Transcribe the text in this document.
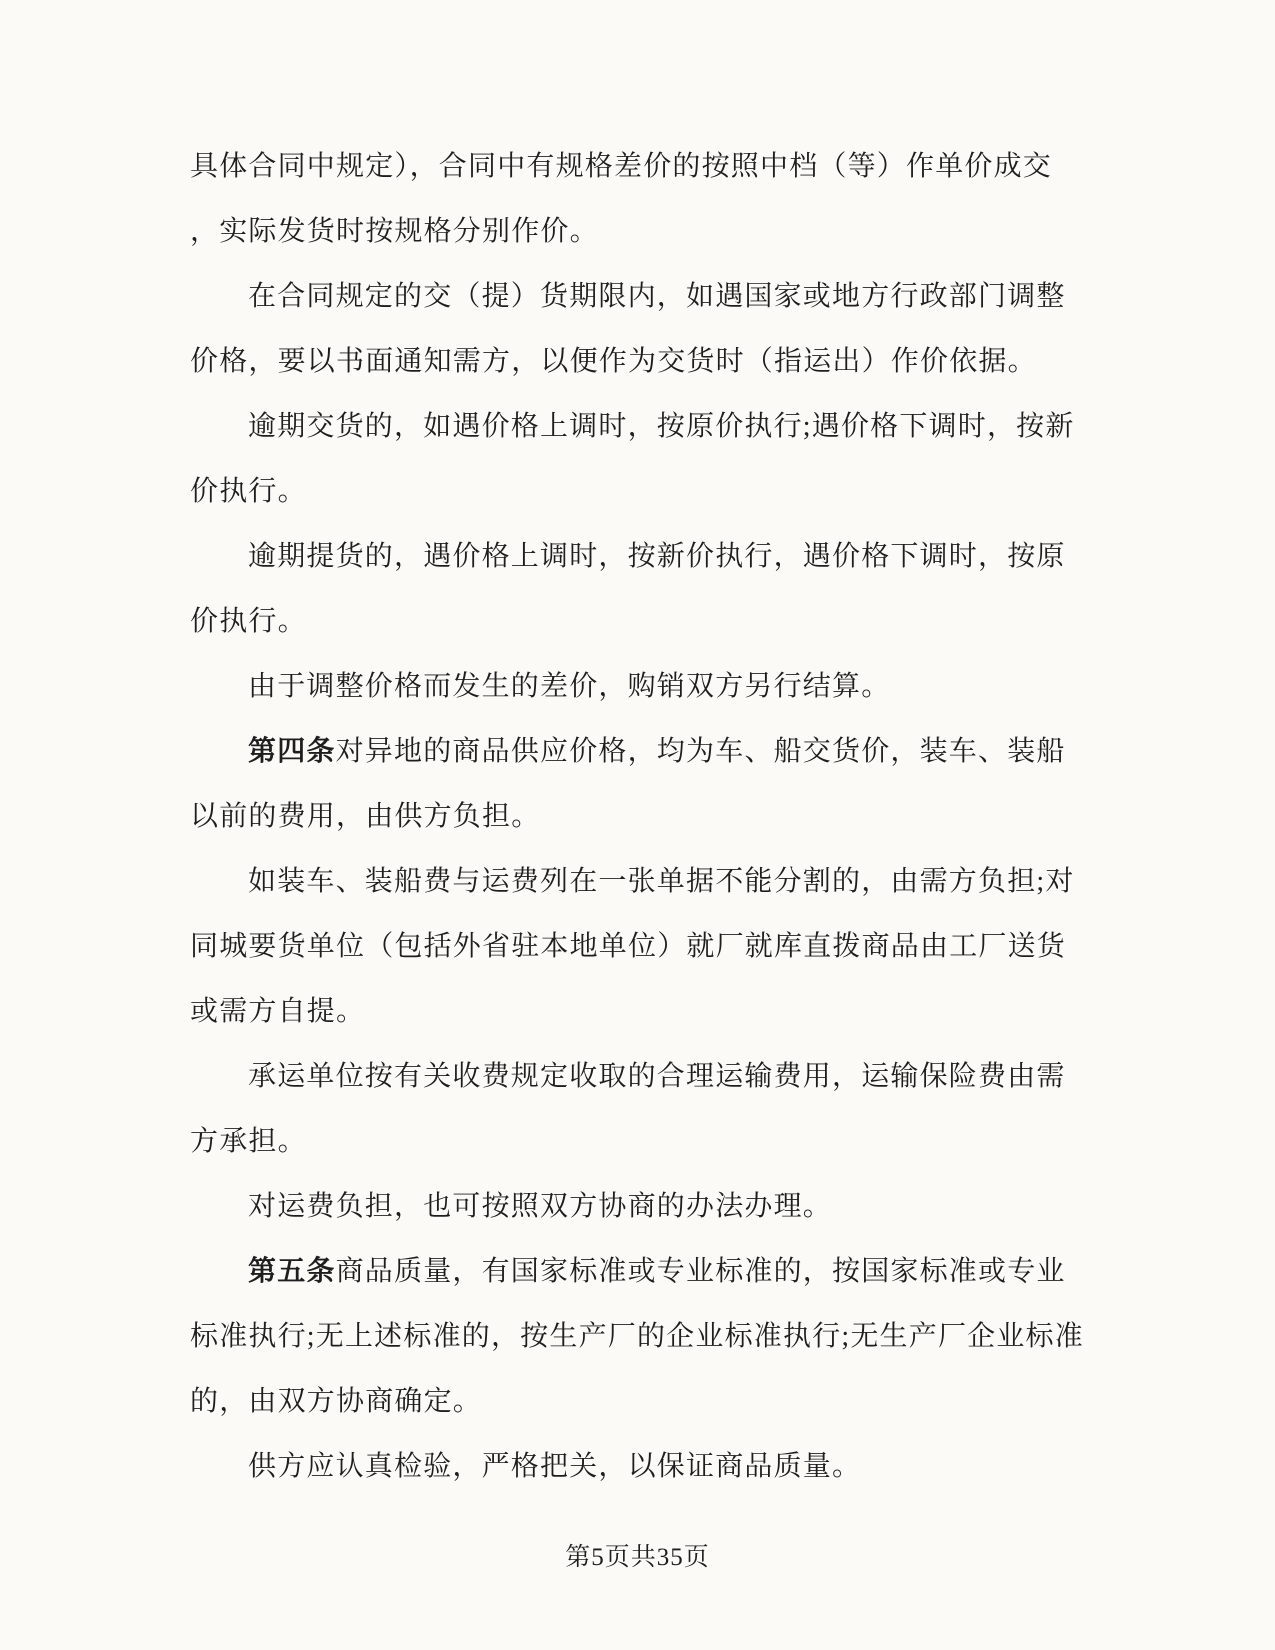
具体合同中规定），合同中有规格差价的按照中档（等）作单价成交
，实际发货时按规格分别作价。
在合同规定的交（提）货期限内，如遇国家或地方行政部门调整
价格，要以书面通知需方，以便作为交货时（指运出）作价依据。
逾期交货的，如遇价格上调时，按原价执行;遇价格下调时，按新
价执行。
逾期提货的，遇价格上调时，按新价执行，遇价格下调时，按原
价执行。
由于调整价格而发生的差价，购销双方另行结算。
第四条对异地的商品供应价格，均为车、船交货价，装车、装船
以前的费用，由供方负担。
如装车、装船费与运费列在一张单据不能分割的，由需方负担;对
同城要货单位（包括外省驻本地单位）就厂就库直拨商品由工厂送货
或需方自提。
承运单位按有关收费规定收取的合理运输费用，运输保险费由需
方承担。
对运费负担，也可按照双方协商的办法办理。
第五条商品质量，有国家标准或专业标准的，按国家标准或专业
标准执行;无上述标准的，按生产厂的企业标准执行;无生产厂企业标准
的，由双方协商确定。
供方应认真检验，严格把关，以保证商品质量。
第5页共35页
